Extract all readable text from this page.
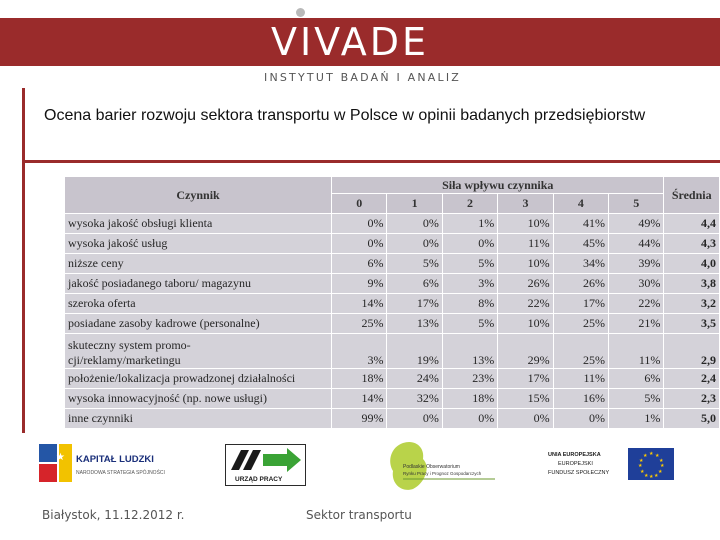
VIVADE
INSTYTUT BADAŃ I ANALIZ
Ocena barier rozwoju sektora transportu w Polsce w opinii badanych przedsiębiorstw
Czynnik	Siła wpływu czynnika						Średnia
	0	1	2	3	4	5	
wysoka jakość obsługi klienta	0%	0%	1%	10%	41%	49%	4,4
wysoka jakość usług	0%	0%	0%	11%	45%	44%	4,3
niższe ceny	6%	5%	5%	10%	34%	39%	4,0
jakość posiadanego taboru/ magazynu	9%	6%	3%	26%	26%	30%	3,8
szeroka oferta	14%	17%	8%	22%	17%	22%	3,2
posiadane zasoby kadrowe (personalne)	25%	13%	5%	10%	25%	21%	3,5
skuteczny system promo-
cji/reklamy/marketingu	3%	19%	13%	29%	25%	11%	2,9
położenie/lokalizacja prowadzonej działalności	18%	24%	23%	17%	11%	6%	2,4
wysoka innowacyjność (np. nowe usługi)	14%	32%	18%	15%	16%	5%	2,3
inne czynniki	99%	0%	0%	0%	0%	1%	5,0
★ KAPITAŁ LUDZKI
NARODOWA STRATEGIA SPÓJNOŚCI
URZĄD PRACY
Podlaskie Obserwatorium
Rynku Pracy i Prognoz Gospodarczych
UNIA EUROPEJSKA
EUROPEJSKI
FUNDUSZ SPOŁECZNY
★ ★
★
★
★
★
★
★
★
★
★
★
Białystok, 11.12.2012 r.	Sektor transportu
